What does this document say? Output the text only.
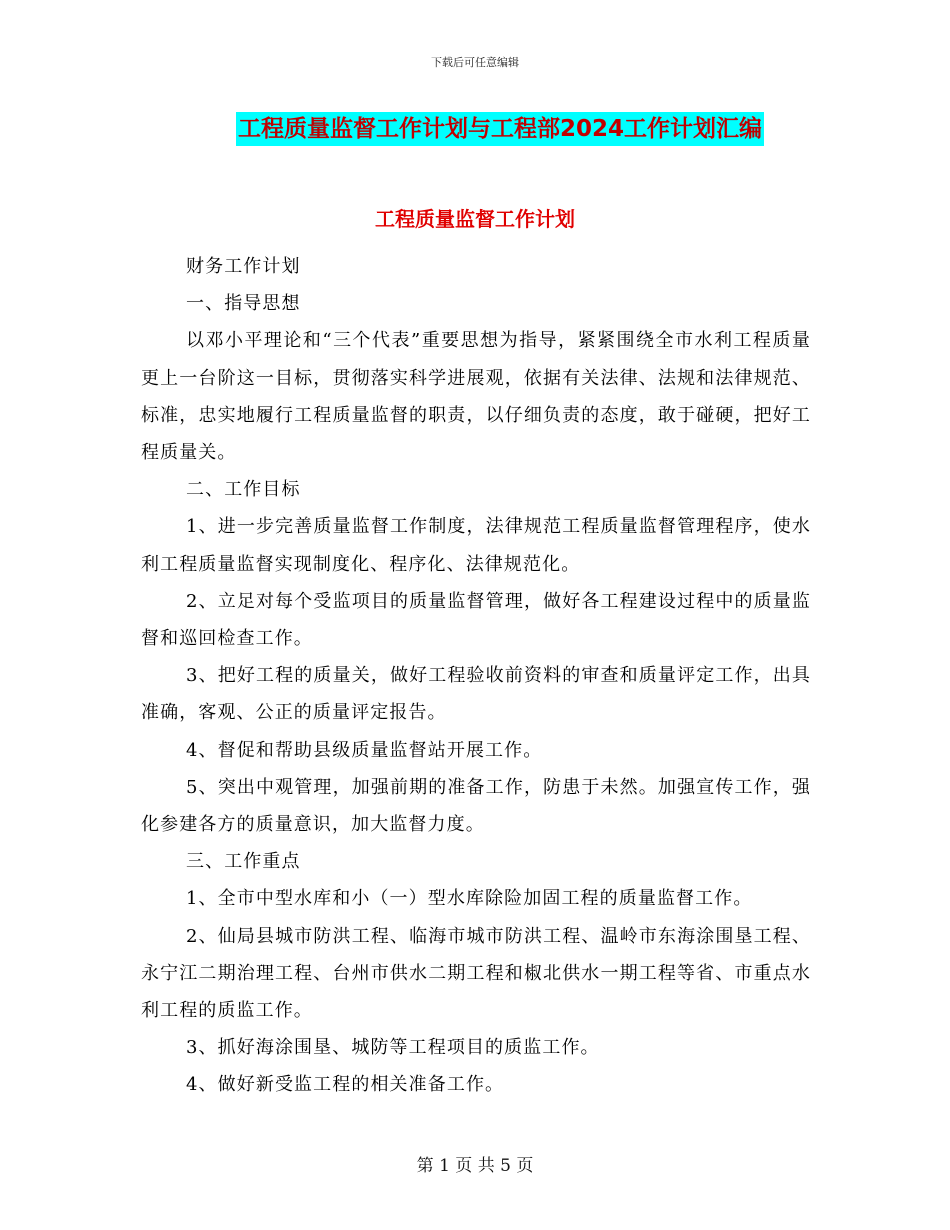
下载后可任意编辑
工程质量监督工作计划与工程部2024工作计划汇编
工程质量监督工作计划

财务工作计划

一、指导思想

以邓小平理论和“三个代表”重要思想为指导，紧紧围绕全市水利工程质量更上一台阶这一目标，贯彻落实科学进展观，依据有关法律、法规和法律规范、标准，忠实地履行工程质量监督的职责，以仔细负责的态度，敢于碰硬，把好工程质量关。

二、工作目标

1、进一步完善质量监督工作制度，法律规范工程质量监督管理程序，使水利工程质量监督实现制度化、程序化、法律规范化。

2、立足对每个受监项目的质量监督管理，做好各工程建设过程中的质量监督和巡回检查工作。

3、把好工程的质量关，做好工程验收前资料的审查和质量评定工作，出具准确，客观、公正的质量评定报告。

4、督促和帮助县级质量监督站开展工作。

5、突出中观管理，加强前期的准备工作，防患于未然。加强宣传工作，强化参建各方的质量意识，加大监督力度。

三、工作重点

1、全市中型水库和小（一）型水库除险加固工程的质量监督工作。

2、仙局县城市防洪工程、临海市城市防洪工程、温岭市东海涂围垦工程、永宁江二期治理工程、台州市供水二期工程和椒北供水一期工程等省、市重点水利工程的质监工作。

3、抓好海涂围垦、城防等工程项目的质监工作。

4、做好新受监工程的相关准备工作。

第 1 页 共 5 页
